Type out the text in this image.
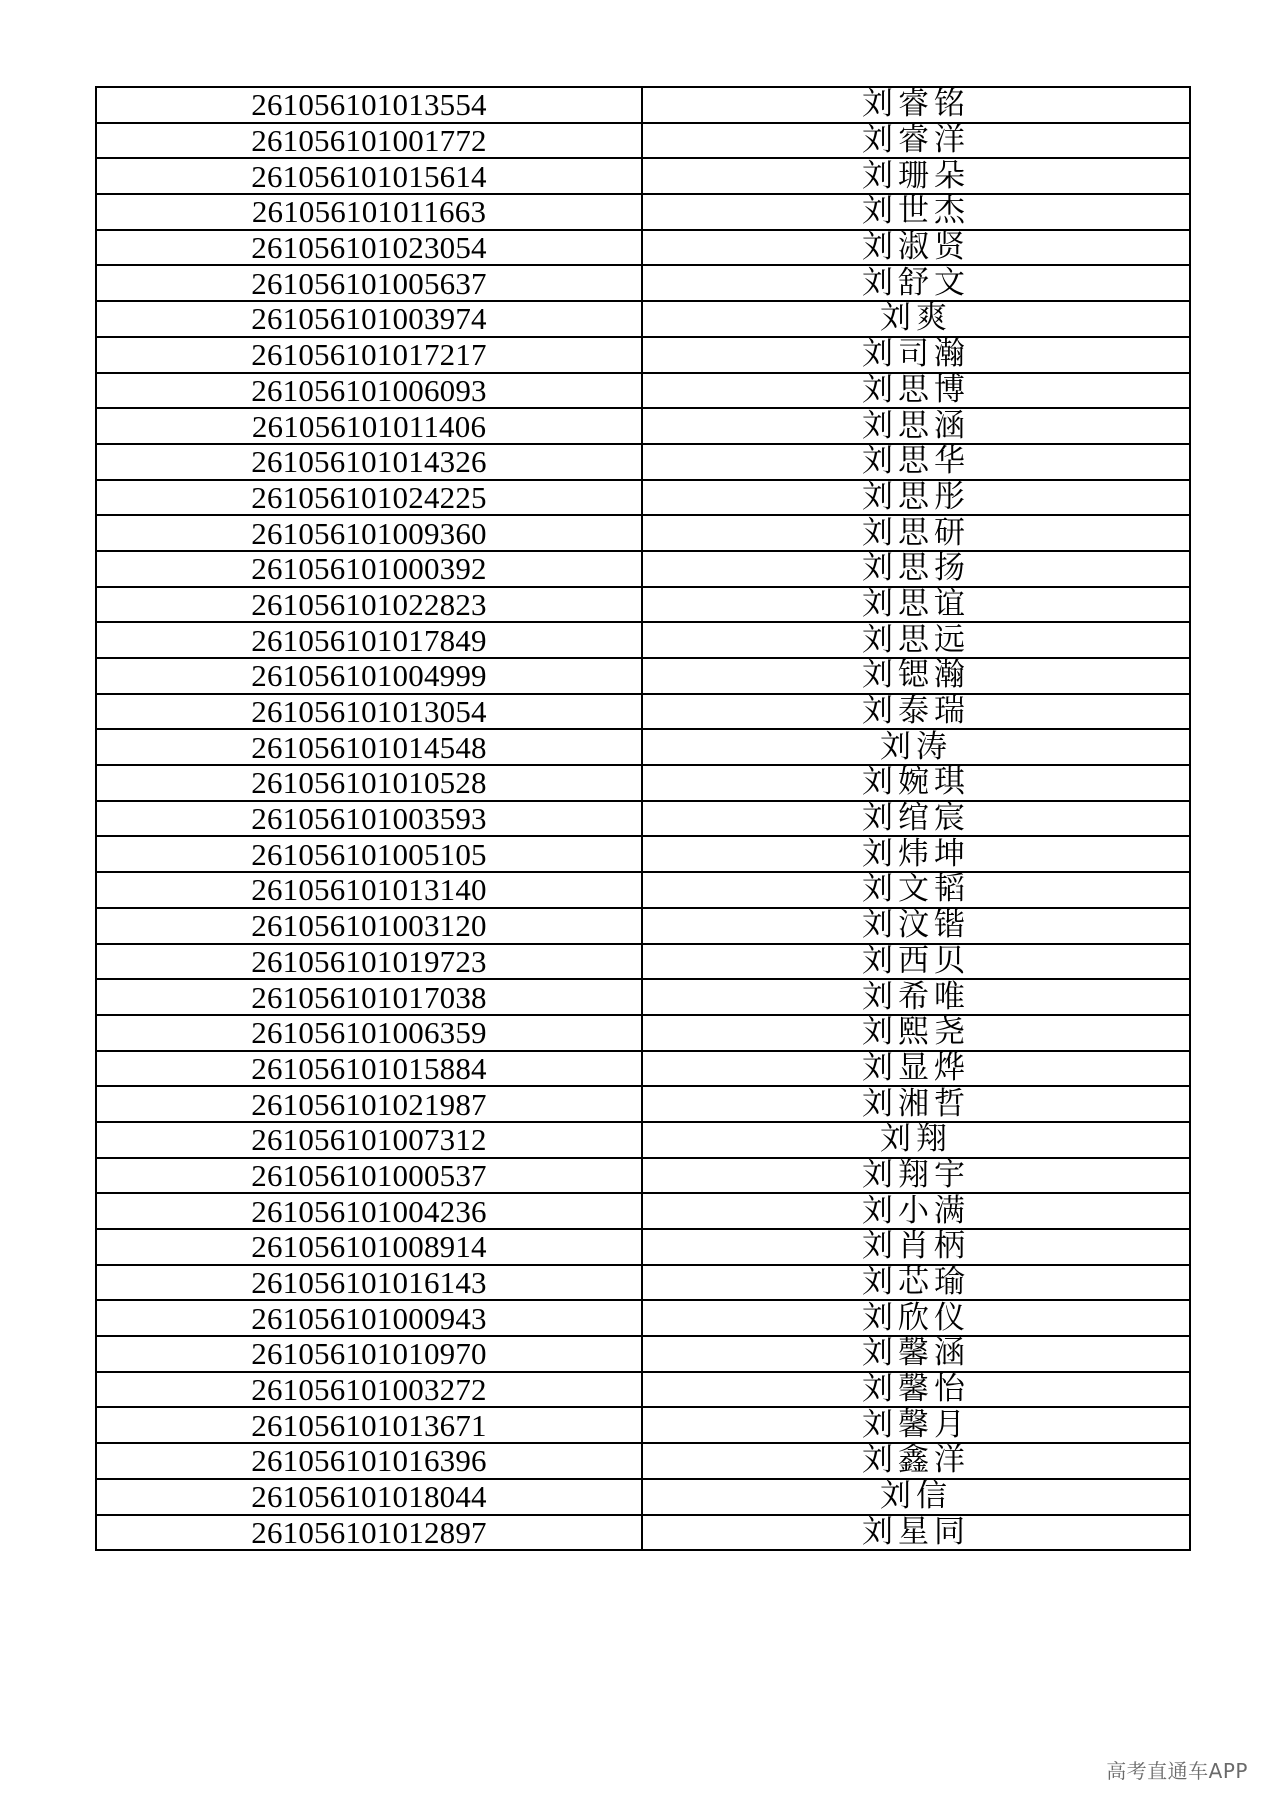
261056101013554	刘睿铭
261056101001772	刘睿洋
261056101015614	刘珊朵
261056101011663	刘世杰
261056101023054	刘淑贤
261056101005637	刘舒文
261056101003974	刘爽
261056101017217	刘司瀚
261056101006093	刘思博
261056101011406	刘思涵
261056101014326	刘思华
261056101024225	刘思彤
261056101009360	刘思研
261056101000392	刘思扬
261056101022823	刘思谊
261056101017849	刘思远
261056101004999	刘锶瀚
261056101013054	刘泰瑞
261056101014548	刘涛
261056101010528	刘婉琪
261056101003593	刘绾宸
261056101005105	刘炜坤
261056101013140	刘文韬
261056101003120	刘汶锴
261056101019723	刘西贝
261056101017038	刘希唯
261056101006359	刘熙尧
261056101015884	刘显烨
261056101021987	刘湘哲
261056101007312	刘翔
261056101000537	刘翔宇
261056101004236	刘小满
261056101008914	刘肖柄
261056101016143	刘芯瑜
261056101000943	刘欣仪
261056101010970	刘馨涵
261056101003272	刘馨怡
261056101013671	刘馨月
261056101016396	刘鑫洋
261056101018044	刘信
261056101012897	刘星同
高考直通车APP
